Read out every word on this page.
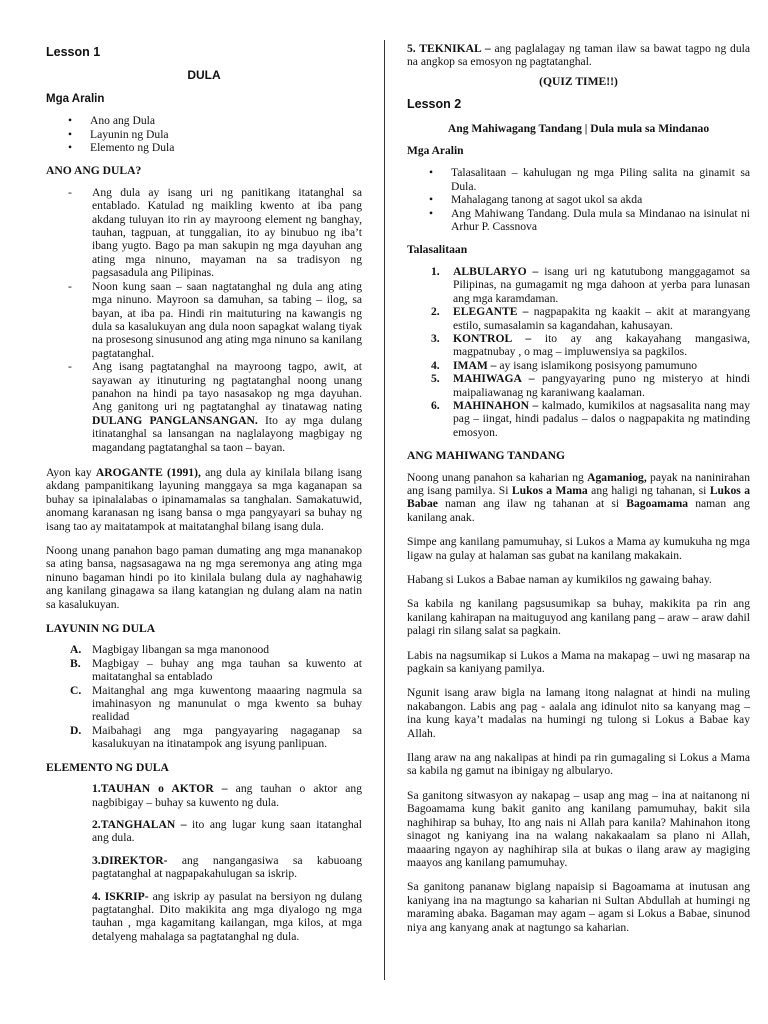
Lesson 1
DULA
Mga Aralin
• Ano ang Dula
• Layunin ng Dula
• Elemento ng Dula
ANO ANG DULA?
- Ang dula ay isang uri ng panitikang itatanghal sa entablado. Katulad ng maikling kwento at iba pang akdang tuluyan ito rin ay mayroong element ng banghay, tauhan, tagpuan, at tunggalian, ito ay binubuo ng iba’t ibang yugto. Bago pa man sakupin ng mga dayuhan ang ating mga ninuno, mayaman na sa tradisyon ng pagsasadula ang Pilipinas.
- Noon kung saan – saan nagtatanghal ng dula ang ating mga ninuno. Mayroon sa damuhan, sa tabing – ilog, sa bayan, at iba pa. Hindi rin maituturing na kawangis ng dula sa kasalukuyan ang dula noon sapagkat walang tiyak na prosesong sinusunod ang ating mga ninuno sa kanilang pagtatanghal.
- Ang isang pagtatanghal na mayroong tagpo, awit, at sayawan ay itinuturing ng pagtatanghal noong unang panahon na hindi pa tayo nasasakop ng mga dayuhan. Ang ganitong uri ng pagtatanghal ay tinatawag nating DULANG PANGLANSANGAN. Ito ay mga dulang itinatanghal sa lansangan na naglalayong magbigay ng magandang pagtatanghal sa taon – bayan.

Ayon kay AROGANTE (1991), ang dula ay kinilala bilang isang akdang pampanitikang layuning manggaya sa mga kaganapan sa buhay sa ipinalalabas o ipinamamalas sa tanghalan. Samakatuwid, anomang karanasan ng isang bansa o mga pangyayari sa buhay ng isang tao ay maitatampok at maitatanghal bilang isang dula.

Noong unang panahon bago paman dumating ang mga mananakop sa ating bansa, nagsasagawa na ng mga seremonya ang ating mga ninuno bagaman hindi po ito kinilala bulang dula ay naghahawig ang kanilang ginagawa sa ilang katangian ng dulang alam na natin sa kasalukuyan.

LAYUNIN NG DULA
A. Magbigay libangan sa mga manonood
B. Magbigay – buhay ang mga tauhan sa kuwento at maitatanghal sa entablado
C. Maitanghal ang mga kuwentong maaaring nagmula sa imahinasyon ng manunulat o mga kwento sa buhay realidad
D. Maibahagi ang mga pangyayaring nagaganap sa kasalukuyan na itinatampok ang isyung panlipuan.
ELEMENTO NG DULA

1.TAUHAN o AKTOR – ang tauhan o aktor ang nagbibigay – buhay sa kuwento ng dula.

2.TANGHALAN – ito ang lugar kung saan itatanghal ang dula.

3.DIREKTOR- ang nangangasiwa sa kabuoang pagtatanghal at nagpapakahulugan sa iskrip.

4. ISKRIP- ang iskrip ay pasulat na bersiyon ng dulang pagtatanghal. Dito makikita ang mga diyalogo ng mga tauhan , mga kagamitang kailangan, mga kilos, at mga detalyeng mahalaga sa pagtatanghal ng dula.

5. TEKNIKAL – ang paglalagay ng taman ilaw sa bawat tagpo ng dula na angkop sa emosyon ng pagtatanghal.

(QUIZ TIME!!)
Lesson 2
Ang Mahiwagang Tandang | Dula mula sa Mindanao
Mga Aralin
• Talasalitaan – kahulugan ng mga Piling salita na ginamit sa Dula.
• Mahalagang tanong at sagot ukol sa akda
• Ang Mahiwang Tandang. Dula mula sa Mindanao na isinulat ni Arhur P. Cassnova
Talasalitaan
1. ALBULARYO – isang uri ng katutubong manggagamot sa Pilipinas, na gumagamit ng mga dahoon at yerba para lunasan ang mga karamdaman.
2. ELEGANTE – nagpapakita ng kaakit – akit at marangyang estilo, sumasalamin sa kagandahan, kahusayan.
3. KONTROL – ito ay ang kakayahang mangasiwa, magpatnubay , o mag – impluwensiya sa pagkilos.
4. IMAM – ay isang islamikong posisyong pamumuno
5. MAHIWAGA – pangyayaring puno ng misteryo at hindi maipaliawanag ng karaniwang kaalaman.
6. MAHINAHON – kalmado, kumikilos at nagsasalita nang may pag – iingat, hindi padalus – dalos o nagpapakita ng matinding emosyon.
ANG MAHIWANG TANDANG

Noong unang panahon sa kaharian ng Agamaniog, payak na naninirahan ang isang pamilya. Si Lukos a Mama ang haligi ng tahanan, si Lukos a Babae naman ang ilaw ng tahanan at si Bagoamama naman ang kanilang anak.

Simpe ang kanilang pamumuhay, si Lukos a Mama ay kumukuha ng mga ligaw na gulay at halaman sas gubat na kanilang makakain.

Habang si Lukos a Babae naman ay kumikilos ng gawaing bahay.

Sa kabila ng kanilang pagsusumikap sa buhay, makikita pa rin ang kanilang kahirapan na maituguyod ang kanilang pang – araw – araw dahil palagi rin silang salat sa pagkain.

Labis na nagsumikap si Lukos a Mama na makapag – uwi ng masarap na pagkain sa kaniyang pamilya.

Ngunit isang araw bigla na lamang itong nalagnat at hindi na muling nakabangon. Labis ang pag - aalala ang idinulot nito sa kanyang mag – ina kung kaya’t madalas na humingi ng tulong si Lokus a Babae kay Allah.

Ilang araw na ang nakalipas at hindi pa rin gumagaling si Lokus a Mama sa kabila ng gamut na ibinigay ng albularyo.

Sa ganitong sitwasyon ay nakapag – usap ang mag – ina at naitanong ni Bagoamama kung bakit ganito ang kanilang pamumuhay, bakit sila naghihirap sa buhay, Ito ang nais ni Allah para kanila? Mahinahon itong sinagot ng kaniyang ina na walang nakakaalam sa plano ni Allah, maaaring ngayon ay naghihirap sila at bukas o ilang araw ay magiging maayos ang kanilang pamumuhay.

Sa ganitong pananaw biglang napaisip si Bagoamama at inutusan ang kaniyang ina na magtungo sa kaharian ni Sultan Abdullah at humingi ng maraming abaka. Bagaman may agam – agam si Lokus a Babae, sinunod niya ang kanyang anak at nagtungo sa kaharian.
